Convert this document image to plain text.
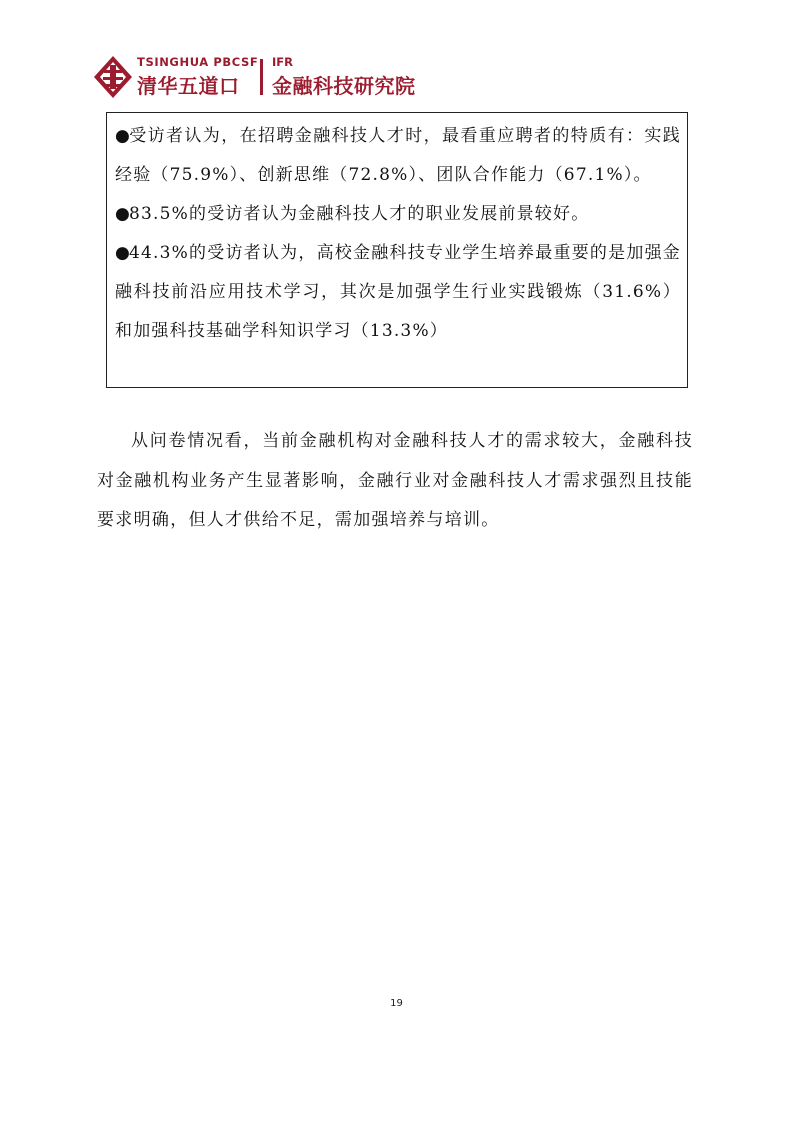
TSINGHUA PBCSF
清华五道口
IFR
金融科技研究院

●受访者认为，在招聘金融科技人才时，最看重应聘者的特质有：实践经验（75.9%）、创新思维（72.8%）、团队合作能力（67.1%）。

●83.5%的受访者认为金融科技人才的职业发展前景较好。

●44.3%的受访者认为，高校金融科技专业学生培养最重要的是加强金融科技前沿应用技术学习，其次是加强学生行业实践锻炼（31.6%）和加强科技基础学科知识学习（13.3%）

从问卷情况看，当前金融机构对金融科技人才的需求较大，金融科技对金融机构业务产生显著影响，金融行业对金融科技人才需求强烈且技能要求明确，但人才供给不足，需加强培养与培训。

19
